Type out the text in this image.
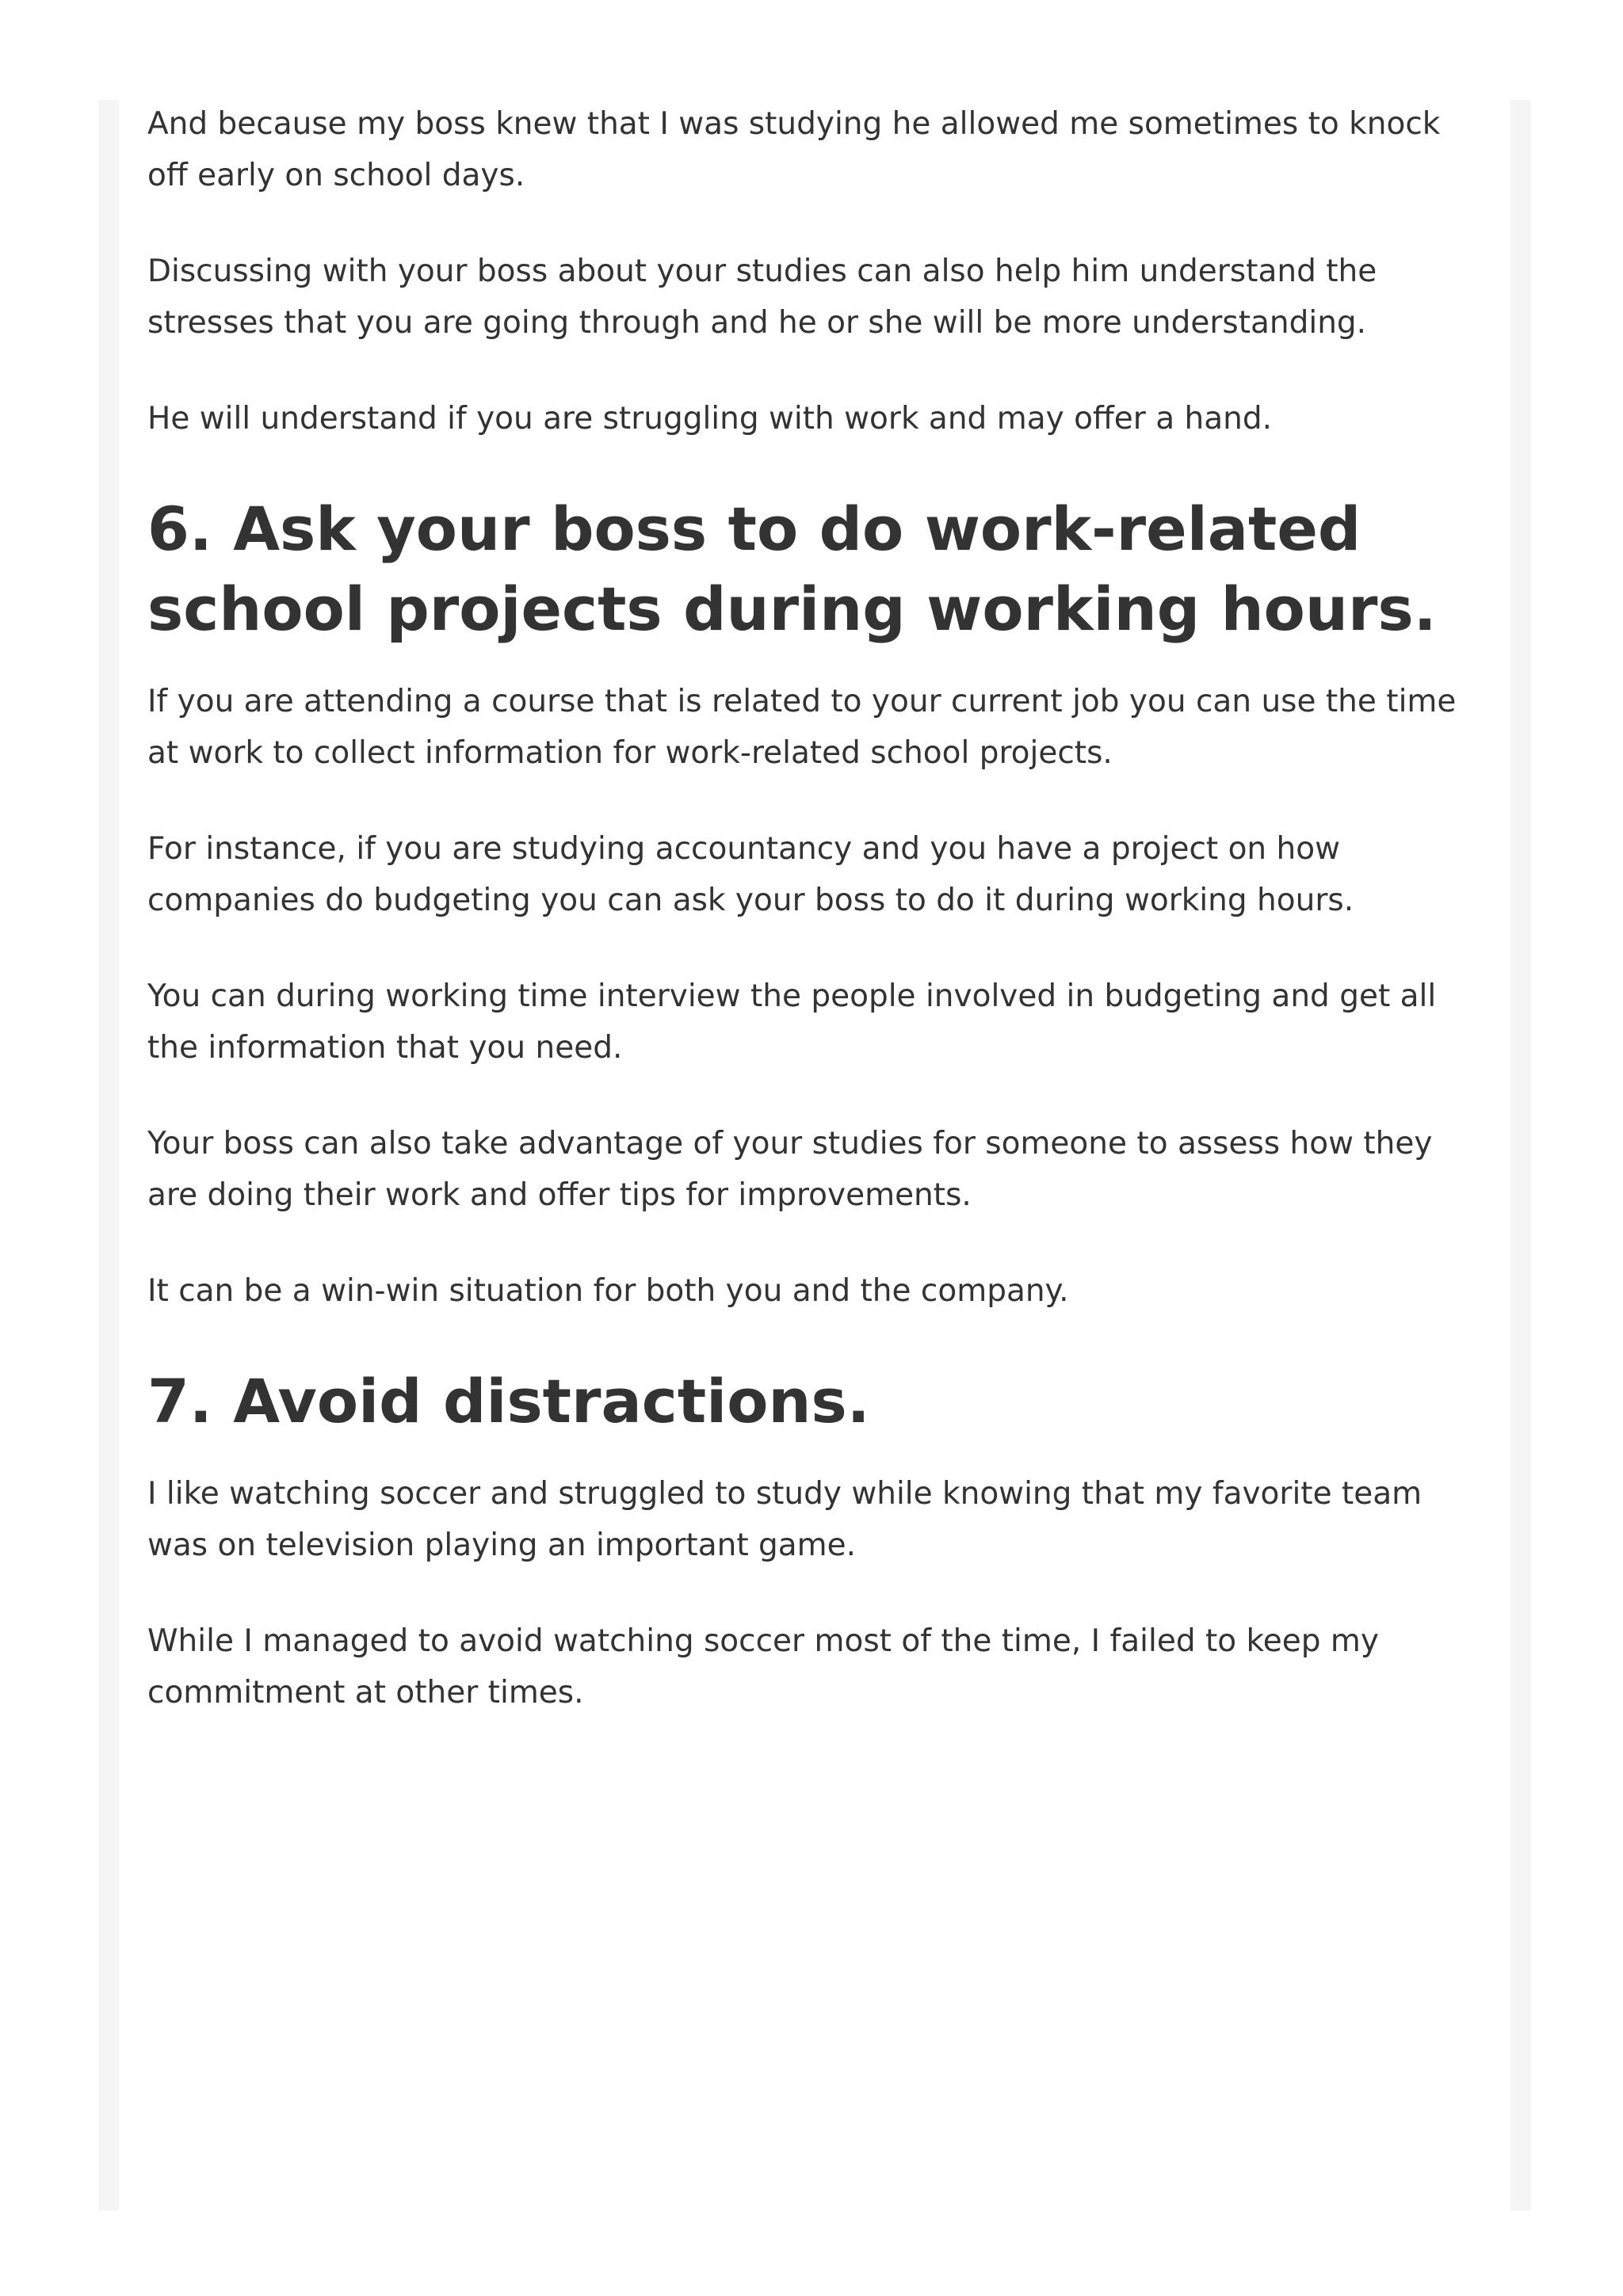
And because my boss knew that I was studying he allowed me sometimes to knock off early on school days.

Discussing with your boss about your studies can also help him understand the stresses that you are going through and he or she will be more understanding.

He will understand if you are struggling with work and may offer a hand.

6. Ask your boss to do work-related school projects during working hours.

If you are attending a course that is related to your current job you can use the time at work to collect information for work-related school projects.

For instance, if you are studying accountancy and you have a project on how companies do budgeting you can ask your boss to do it during working hours.

You can during working time interview the people involved in budgeting and get all the information that you need.

Your boss can also take advantage of your studies for someone to assess how they are doing their work and offer tips for improvements.

It can be a win-win situation for both you and the company.

7. Avoid distractions.

I like watching soccer and struggled to study while knowing that my favorite team was on television playing an important game.

While I managed to avoid watching soccer most of the time, I failed to keep my commitment at other times.
